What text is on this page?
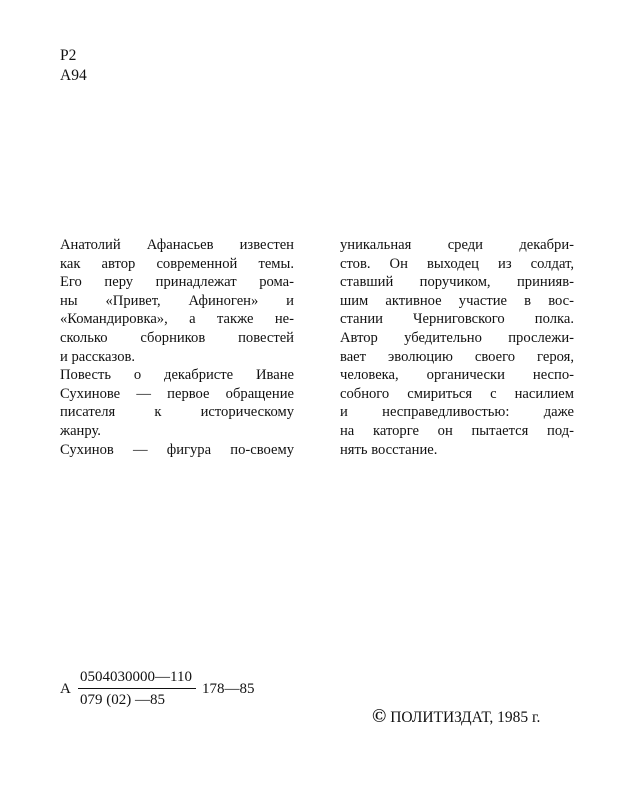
Р2
А94
Анатолий Афанасьев известен
как автор современной темы.
Его перу принадлежат рома-
ны «Привет, Афиноген» и
«Командировка», а также не-
сколько сборников повестей
и рассказов.
Повесть о декабристе Иване
Сухинове — первое обращение
писателя к историческому
жанру.
Сухинов — фигура по-своему
уникальная среди декабри-
стов. Он выходец из солдат,
ставший поручиком, принияв-
шим активное участие в вос-
стании Черниговского полка.
Автор убедительно прослежи-
вает эволюцию своего героя,
человека, органически неспо-
собного смириться с насилием
и несправедливостью: даже
на каторге он пытается под-
нять восстание.
А
0504030000—110
079 (02) —85
178—85
© ПОЛИТИЗДАТ, 1985 г.
